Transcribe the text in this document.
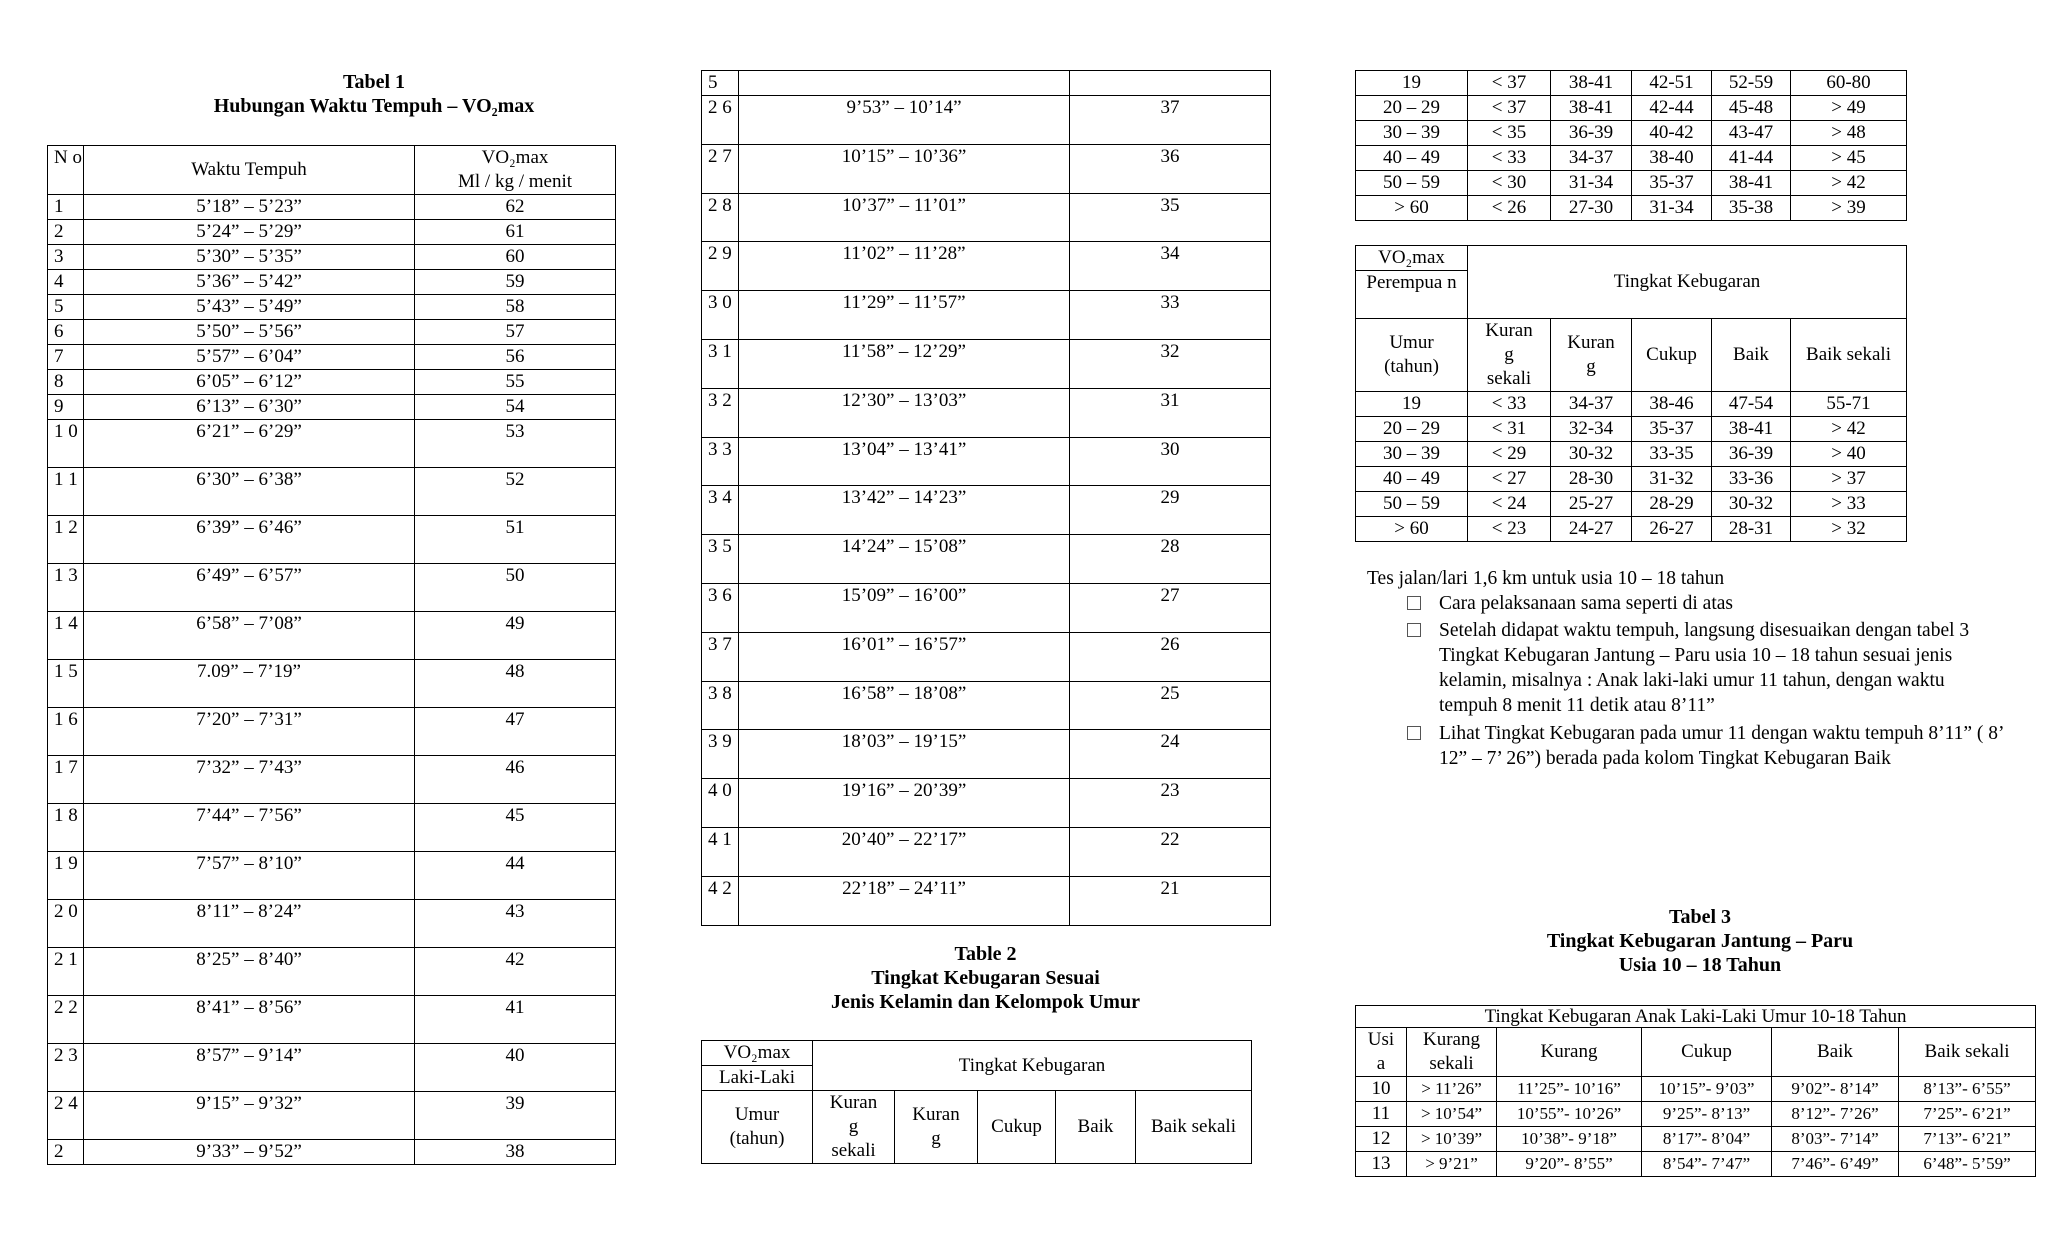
Tabel 1
Hubungan Waktu Tempuh – VO₂max
N o	Waktu Tempuh	VO₂max
Ml / kg / menit

1	5’18” – 5’23”	62
2	5’24” – 5’29”	61
3	5’30” – 5’35”	60
4	5’36” – 5’42”	59
5	5’43” – 5’49”	58
6	5’50” – 5’56”	57
7	5’57” – 6’04”	56
8	6’05” – 6’12”	55
9	6’13” – 6’30”	54
1 0	6’21” – 6’29”	53
1 1	6’30” – 6’38”	52
1 2	6’39” – 6’46”	51
1 3	6’49” – 6’57”	50
1 4	6’58” – 7’08”	49
1 5	7.09” – 7’19”	48
1 6	7’20” – 7’31”	47
1 7	7’32” – 7’43”	46
1 8	7’44” – 7’56”	45
1 9	7’57” – 8’10”	44
2 0	8’11” – 8’24”	43
2 1	8’25” – 8’40”	42
2 2	8’41” – 8’56”	41
2 3	8’57” – 9’14”	40
2 4	9’15” – 9’32”	39
2	9’33” – 9’52”	38
5		
2 6	9’53” – 10’14”	37
2 7	10’15” – 10’36”	36
2 8	10’37” – 11’01”	35
2 9	11’02” – 11’28”	34
3 0	11’29” – 11’57”	33
3 1	11’58” – 12’29”	32
3 2	12’30” – 13’03”	31
3 3	13’04” – 13’41”	30
3 4	13’42” – 14’23”	29
3 5	14’24” – 15’08”	28
3 6	15’09” – 16’00”	27
3 7	16’01” – 16’57”	26
3 8	16’58” – 18’08”	25
3 9	18’03” – 19’15”	24
4 0	19’16” – 20’39”	23
4 1	20’40” – 22’17”	22
4 2	22’18” – 24’11”	21
Table 2
Tingkat Kebugaran Sesuai
Jenis Kelamin dan Kelompok Umur
VO₂max	Tingkat Kebugaran				
Laki-Laki					
Umur (tahun)	Kuran g sekali	Kuran g	Cukup	Baik	Baik sekali
19	< 37	38-41	42-51	52-59	60-80
20 – 29	< 37	38-41	42-44	45-48	> 49
30 – 39	< 35	36-39	40-42	43-47	> 48
40 – 49	< 33	34-37	38-40	41-44	> 45
50 – 59	< 30	31-34	35-37	38-41	> 42
> 60	< 26	27-30	31-34	35-38	> 39
VO₂max	Tingkat Kebugaran				
Perempua n					
Umur (tahun)	Kuran g sekali	Kuran g	Cukup	Baik	Baik sekali
19	< 33	34-37	38-46	47-54	55-71
20 – 29	< 31	32-34	35-37	38-41	> 42
30 – 39	< 29	30-32	33-35	36-39	> 40
40 – 49	< 27	28-30	31-32	33-36	> 37
50 – 59	< 24	25-27	28-29	30-32	> 33
> 60	< 23	24-27	26-27	28-31	> 32
Tes jalan/lari 1,6 km untuk usia 10 – 18 tahun
Cara pelaksanaan sama seperti di atas
Setelah didapat waktu tempuh, langsung disesuaikan dengan tabel 3 Tingkat Kebugaran Jantung – Paru usia 10 – 18 tahun sesuai jenis kelamin, misalnya : Anak laki-laki umur 11 tahun, dengan waktu tempuh 8 menit 11 detik atau 8’11”
Lihat Tingkat Kebugaran pada umur 11 dengan waktu tempuh 8’11” ( 8’ 12” – 7’ 26”) berada pada kolom Tingkat Kebugaran Baik
Tabel 3
Tingkat Kebugaran Jantung – Paru
Usia 10 – 18 Tahun
Tingkat Kebugaran Anak Laki-Laki Umur 10-18 Tahun					
Usi a	Kurang sekali	Kurang	Cukup	Baik	Baik sekali
10	> 11’26”	11’25”- 10’16”	10’15”- 9’03”	9’02”- 8’14”	8’13”- 6’55”
11	> 10’54”	10’55”- 10’26”	9’25”- 8’13”	8’12”- 7’26”	7’25”- 6’21”
12	> 10’39”	10’38”- 9’18”	8’17”- 8’04”	8’03”- 7’14”	7’13”- 6’21”
13	> 9’21”	9’20”- 8’55”	8’54”- 7’47”	7’46”- 6’49”	6’48”- 5’59”
